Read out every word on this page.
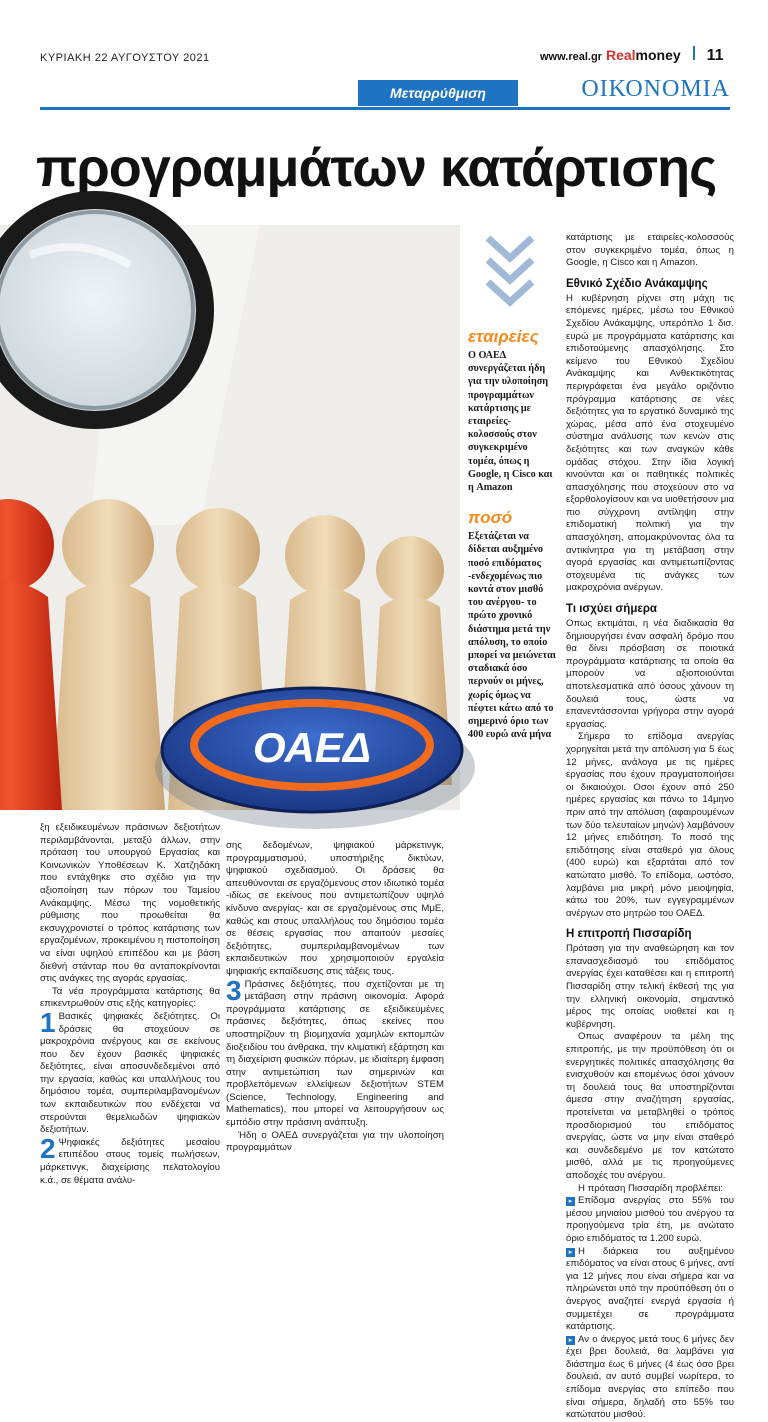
ΚΥΡΙΑΚΗ 22 ΑΥΓΟΥΣΤΟΥ 2021	www.real.gr Realmoney 11
Μεταρρύθμιση	ΟΙΚΟΝΟΜΙΑ
προγραμμάτων κατάρτισης
ΟΑΕΔ
εταιρείες
Ο ΟΑΕΔ συνεργάζεται ήδη για την υλοποίηση προγραμμάτων κατάρτισης με εταιρείες-κολοσσούς στον συγκεκριμένο τομέα, όπως η Google, η Cisco και η Amazon
ποσό
Εξετάζεται να δίδεται αυξημένο ποσό επιδόματος -ενδεχομένως πιο κοντά στον μισθό του ανέργου- το πρώτο χρονικό διάστημα μετά την απόλυση, το οποίο μπορεί να μειώνεται σταδιακά όσο περνούν οι μήνες, χωρίς όμως να πέφτει κάτω από το σημερινό όριο των 400 ευρώ ανά μήνα

κατάρτισης με εταιρείες-κολοσσούς στον συγκεκριμένο τομέα, όπως η Google, η Cisco και η Amazon.

Εθνικό Σχέδιο Ανάκαμψης

Η κυβέρνηση ρίχνει στη μάχη τις επόμενες ημέρες, μέσω του Εθνικού Σχεδίου Ανάκαμψης, υπερόπλο 1 δισ. ευρώ με προγράμματα κατάρτισης και επιδοτούμενης απασχόλησης. Στο κείμενο του Εθνικού Σχεδίου Ανάκαμψης και Ανθεκτικότητας περιγράφεται ένα μεγάλο οριζόντιο πρόγραμμα κατάρτισης σε νέες δεξιότητες για το εργατικό δυναμικό της χώρας, μέσα από ένα στοχευμένο σύστημα ανάλυσης των κενών στις δεξιότητες και των αναγκών κάθε ομάδας στόχου. Στην ίδια λογική κινούνται και οι παθητικές πολιτικές απασχόλησης που στοχεύουν στο να εξορθολογίσουν και να υιοθετήσουν μια πιο σύγχρονη αντίληψη στην επιδοματική πολιτική για την απασχόληση, απομακρύνοντας όλα τα αντικίνητρα για τη μετάβαση στην αγορά εργασίας και αντιμετωπίζοντας στοχευμένα τις ανάγκες των μακροχρόνια ανέργων.

Τι ισχύει σήμερα

Οπως εκτιμάται, η νέα διαδικασία θα δημιουργήσει έναν ασφαλή δρόμο που θα δίνει πρόσβαση σε ποιοτικά προγράμματα κατάρτισης τα οποία θα μπορούν να αξιοποιούνται αποτελεσματικά από όσους χάνουν τη δουλειά τους, ώστε να επανεντάσσονται γρήγορα στην αγορά εργασίας.

Σήμερα το επίδομα ανεργίας χορηγείται μετά την απόλυση για 5 έως 12 μήνες, ανάλογα με τις ημέρες εργασίας που έχουν πραγματοποιήσει οι δικαιούχοι. Οσοι έχουν από 250 ημέρες εργασίας και πάνω το 14μηνο πριν από την απόλυση (αφαιρουμένων των δύο τελευταίων μηνών) λαμβάνουν 12 μήνες επιδότηση. Το ποσό της επιδότησης είναι σταθερό για όλους (400 ευρώ) και εξαρτάται από τον κατώτατο μισθό. Το επίδομα, ωστόσο, λαμβάνει μια μικρή μόνο μειοψηφία, κάτω του 20%, των εγγεγραμμένων ανέργων στο μητρώο του ΟΑΕΔ.

Η επιτροπή Πισσαρίδη

Πρόταση για την αναθεώρηση και τον επανασχεδιασμό του επιδόματος ανεργίας έχει καταθέσει και η επιτροπή Πισσαρίδη στην τελική έκθεσή της για την ελληνική οικονομία, σημαντικό μέρος της οποίας υιοθετεί και η κυβέρνηση.

Οπως αναφέρουν τα μέλη της επιτροπής, με την προϋπόθεση ότι οι ενεργητικές πολιτικές απασχόλησης θα ενισχυθούν και επομένως όσοι χάνουν τη δουλειά τους θα υποστηρίζονται άμεσα στην αναζήτηση εργασίας, προτείνεται να μεταβληθεί ο τρόπος προσδιορισμού του επιδόματος ανεργίας, ώστε να μην είναι σταθερό και συνδεδεμένο με τον κατώτατο μισθό, αλλά με τις προηγούμενες αποδοχές του ανέργου.

Η πρόταση Πισσαρίδη προβλέπει:

▸ Επίδομα ανεργίας στο 55% του μέσου μηνιαίου μισθού του ανέργου τα προηγούμενα τρία έτη, με ανώτατο όριο επιδόματος τα 1.200 ευρώ.

▸ Η διάρκεια του αυξημένου επιδόματος να είναι στους 6 μήνες, αντί για 12 μήνες που είναι σήμερα και να πληρώνεται υπό την προϋπόθεση ότι ο άνεργος αναζητεί ενεργά εργασία ή συμμετέχει σε προγράμματα κατάρτισης.

▸ Αν ο άνεργος μετά τους 6 μήνες δεν έχει βρει δουλειά, θα λαμβάνει για διάστημα έως 6 μήνες (4 έως όσο βρει δουλειά, αν αυτό συμβεί νωρίτερα, το επίδομα ανεργίας στο επίπεδο που είναι σήμερα, δηλαδή στο 55% του κατώτατου μισθού.

ξη εξειδικευμένων πράσινων δεξιοτήτων περιλαμβάνονται, μεταξύ άλλων, στην πρόταση του υπουργού Εργασίας και Κοινωνικών Υποθέσεων Κ. Χατζηδάκη που εντάχθηκε στο σχέδιο για την αξιοποίηση των πόρων του Ταμείου Ανάκαμψης. Μέσω της νομοθετικής ρύθμισης που προωθείται θα εκσυγχρονιστεί ο τρόπος κατάρτισης των εργαζομένων, προκειμένου η πιστοποίηση να είναι υψηλού επιπέδου και με βάση διεθνή στάνταρ που θα ανταποκρίνονται στις ανάγκες της αγοράς εργασίας.

Τα νέα προγράμματα κατάρτισης θα επικεντρωθούν στις εξής κατηγορίες:

1 Βασικές ψηφιακές δεξιότητες. Οι δράσεις θα στοχεύουν σε μακροχρόνια ανέργους και σε εκείνους που δεν έχουν βασικές ψηφιακές δεξιότητες, είναι αποσυνδεδεμένοι από την εργασία, καθώς και υπαλλήλους του δημόσιου τομέα, συμπεριλαμβανομένων των εκπαιδευτικών που ενδέχεται να στερούνται θεμελιωδών ψηφιακών δεξιοτήτων.

2 Ψηφιακές δεξιότητες μεσαίου επιπέδου στους τομείς πωλήσεων, μάρκετινγκ, διαχείρισης πελατολογίου κ.ά., σε θέματα ανάλυ-

σης δεδομένων, ψηφιακού μάρκετινγκ, προγραμματισμού, υποστήριξης δικτύων, ψηφιακού σχεδιασμού. Οι δράσεις θα απευθύνονται σε εργαζόμενους στον ιδιωτικό τομέα -ιδίως σε εκείνους που αντιμετωπίζουν υψηλό κίνδυνο ανεργίας- και σε εργαζομένους στις ΜμΕ, καθώς και στους υπαλλήλους του δημόσιου τομέα σε θέσεις εργασίας που απαιτούν μεσαίες δεξιότητες, συμπεριλαμβανομένων των εκπαιδευτικών που χρησιμοποιούν εργαλεία ψηφιακής εκπαίδευσης στις τάξεις τους.

3 Πράσινες δεξιότητες, που σχετίζονται με τη μετάβαση στην πράσινη οικονομία. Αφορά προγράμματα κατάρτισης σε εξειδικευμένες πράσινες δεξιότητες, όπως εκείνες που υποστηρίζουν τη βιομηχανία χαμηλών εκπομπών διοξειδίου του άνθρακα, την κλιματική εξάρτηση και τη διαχείριση φυσικών πόρων, με ιδιαίτερη έμφαση στην αντιμετώπιση των σημερινών και προβλεπόμενων ελλείψεων δεξιοτήτων STEM (Science, Technology, Engineering and Mathematics), που μπορεί να λειτουργήσουν ως εμπόδιο στην πράσινη ανάπτυξη.

Ήδη ο ΟΑΕΔ συνεργάζεται για την υλοποίηση προγραμμάτων
